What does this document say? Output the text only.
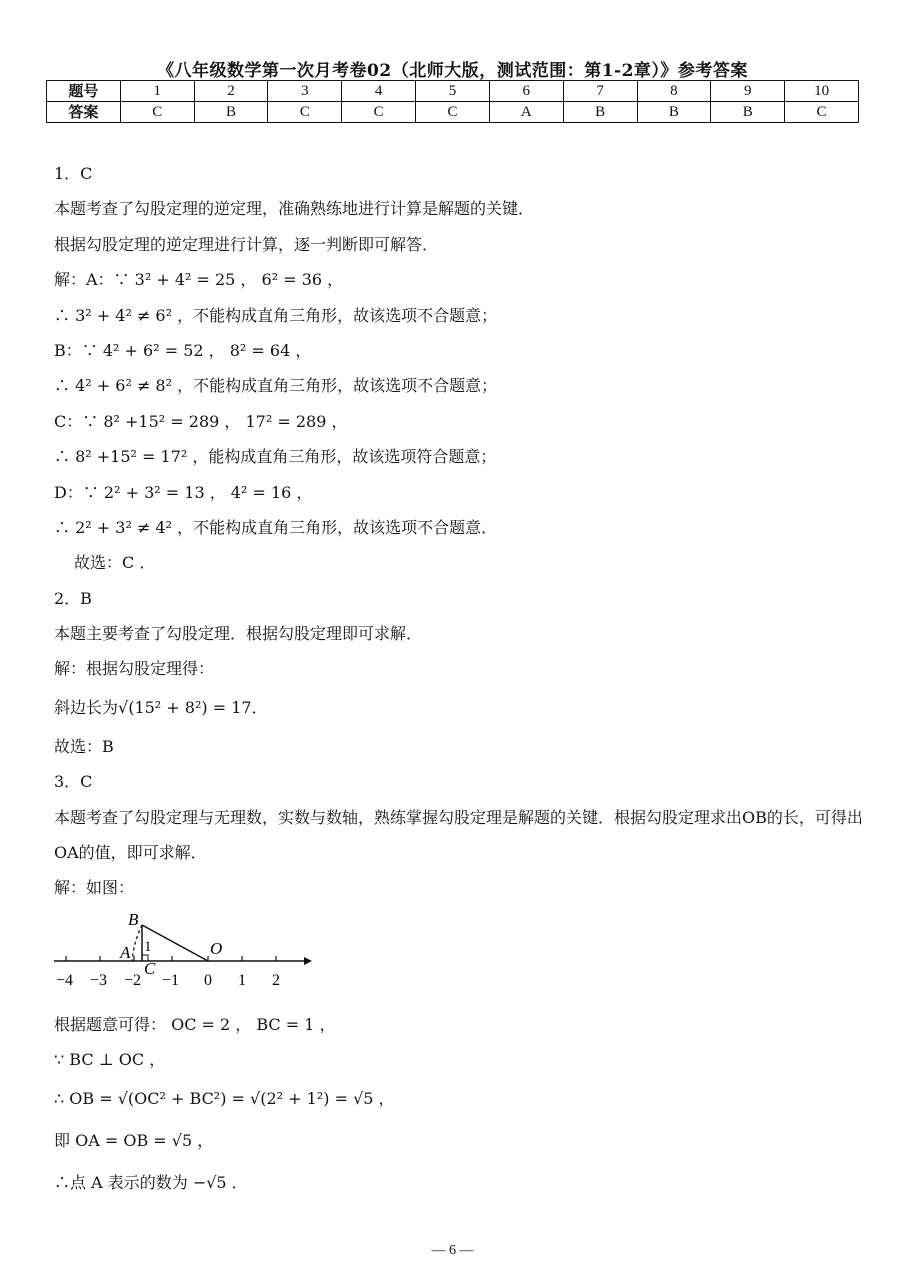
《八年级数学第一次月考卷02（北师大版，测试范围：第1-2章）》参考答案
题号	1	2	3	4	5	6	7	8	9	10
答案	C	B	C	C	C	A	B	B	B	C
1．C
本题考查了勾股定理的逆定理，准确熟练地进行计算是解题的关键．
根据勾股定理的逆定理进行计算，逐一判断即可解答．
解：A：∵ 3² + 4² = 25 ， 6² = 36 ，
∴ 3² + 4² ≠ 6² ，不能构成直角三角形，故该选项不合题意；
B：∵ 4² + 6² = 52 ， 8² = 64 ，
∴ 4² + 6² ≠ 8² ，不能构成直角三角形，故该选项不合题意；
C：∵ 8² +15² = 289 ， 17² = 289 ，
∴ 8² +15² = 17² ，能构成直角三角形，故该选项符合题意；
D：∵ 2² + 3² = 13 ， 4² = 16 ，
∴ 2² + 3² ≠ 4² ，不能构成直角三角形，故该选项不合题意．
故选：C ．
2．B
本题主要考查了勾股定理．根据勾股定理即可求解．
解：根据勾股定理得：
斜边长为√(15² + 8²) = 17．
故选：B
3．C
本题考查了勾股定理与无理数，实数与数轴，熟练掌握勾股定理是解题的关键．根据勾股定理求出OB的长，可得出OA的值，即可求解．
解：如图：
B
A
C
O
1
−4 −3 −2 −1 0 1 2
根据题意可得： OC = 2 ， BC = 1 ，
∵ BC ⊥ OC ，
∴ OB = √(OC² + BC²) = √(2² + 1²) = √5 ，
即 OA = OB = √5 ，
∴点 A 表示的数为 −√5 ．
— 6 —
